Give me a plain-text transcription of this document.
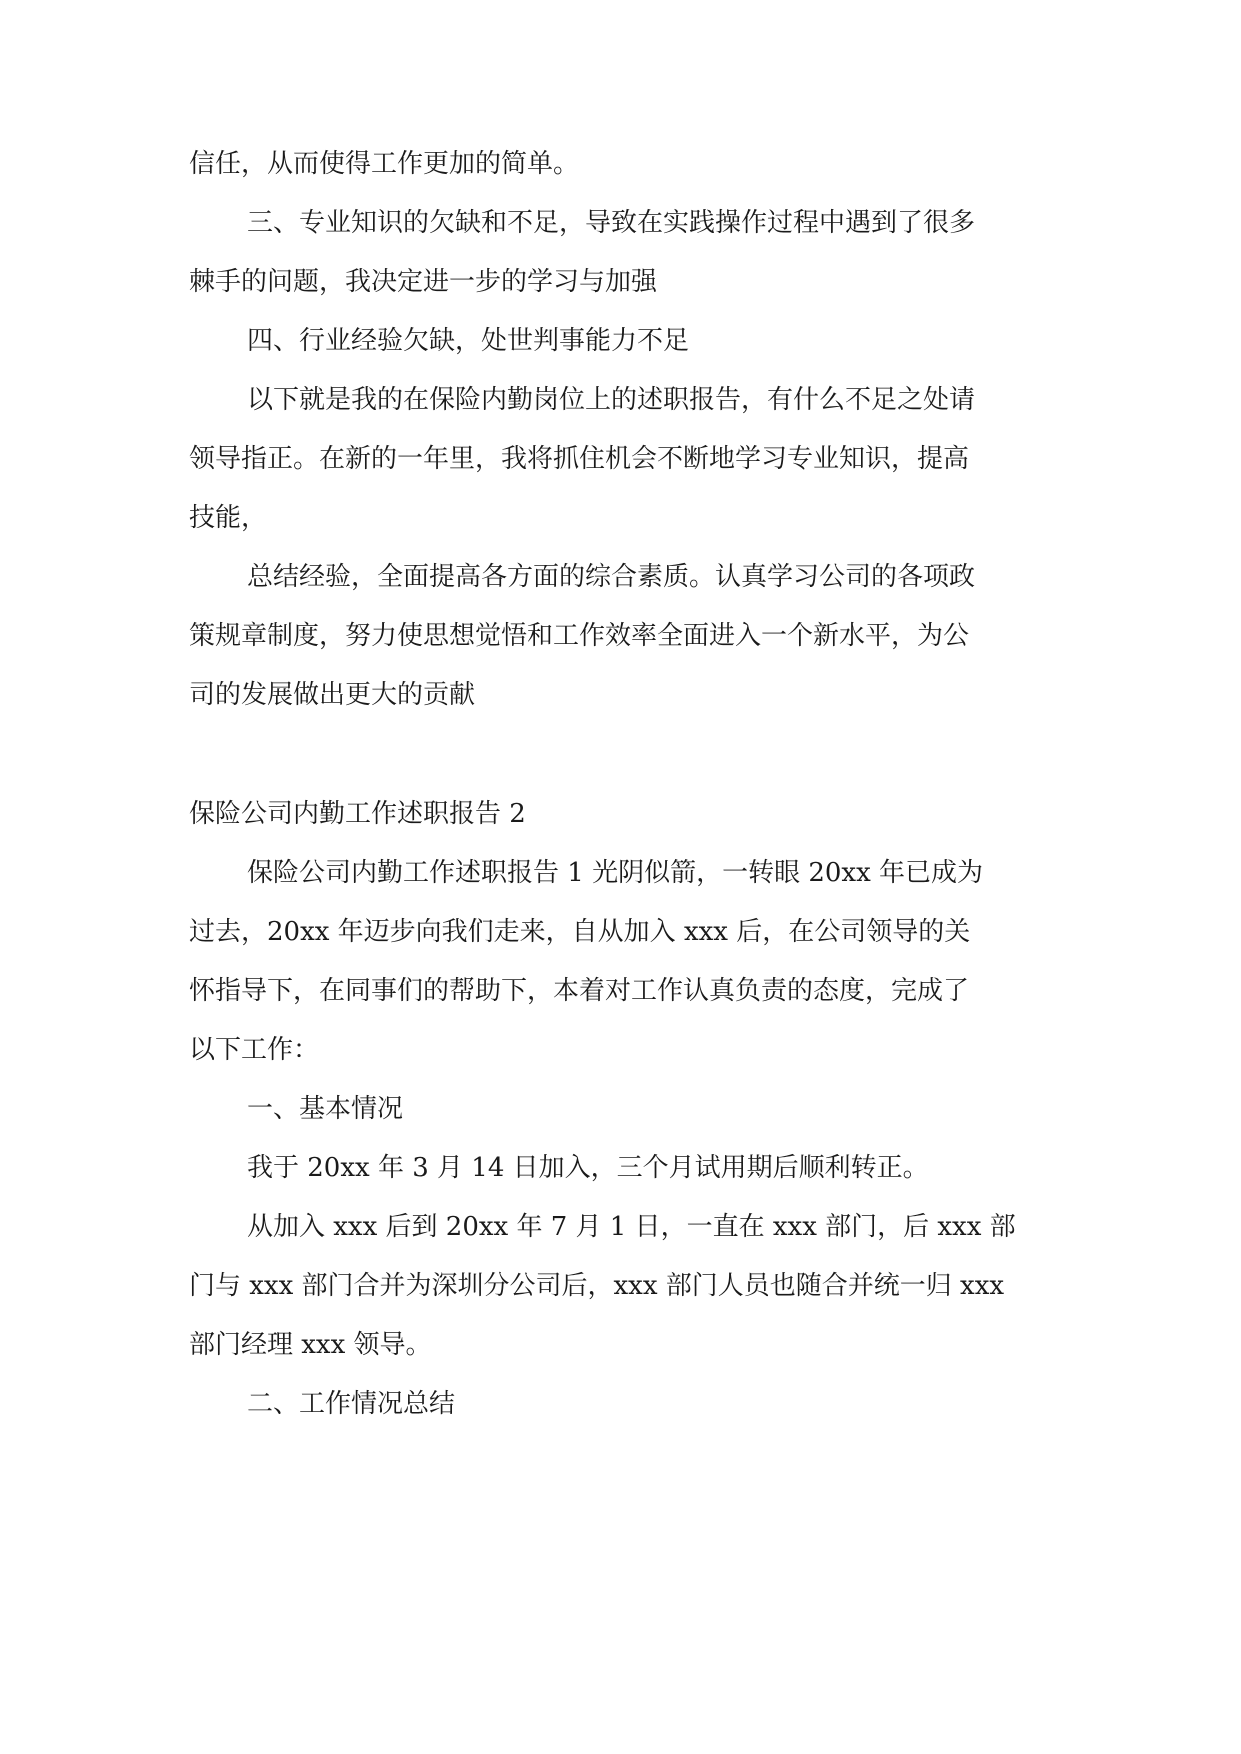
信任，从而使得工作更加的简单。

三、专业知识的欠缺和不足，导致在实践操作过程中遇到了很多

棘手的问题，我决定进一步的学习与加强

四、行业经验欠缺，处世判事能力不足

以下就是我的在保险内勤岗位上的述职报告，有什么不足之处请

领导指正。在新的一年里，我将抓住机会不断地学习专业知识，提高

技能，

总结经验，全面提高各方面的综合素质。认真学习公司的各项政

策规章制度，努力使思想觉悟和工作效率全面进入一个新水平，为公

司的发展做出更大的贡献

保险公司内勤工作述职报告 2

保险公司内勤工作述职报告 1 光阴似箭，一转眼 20xx 年已成为

过去，20xx 年迈步向我们走来，自从加入 xxx 后，在公司领导的关

怀指导下，在同事们的帮助下，本着对工作认真负责的态度，完成了

以下工作：

一、基本情况

我于 20xx 年 3 月 14 日加入，三个月试用期后顺利转正。

从加入 xxx 后到 20xx 年 7 月 1 日，一直在 xxx 部门，后 xxx 部

门与 xxx 部门合并为深圳分公司后，xxx 部门人员也随合并统一归 xxx

部门经理 xxx 领导。

二、工作情况总结
